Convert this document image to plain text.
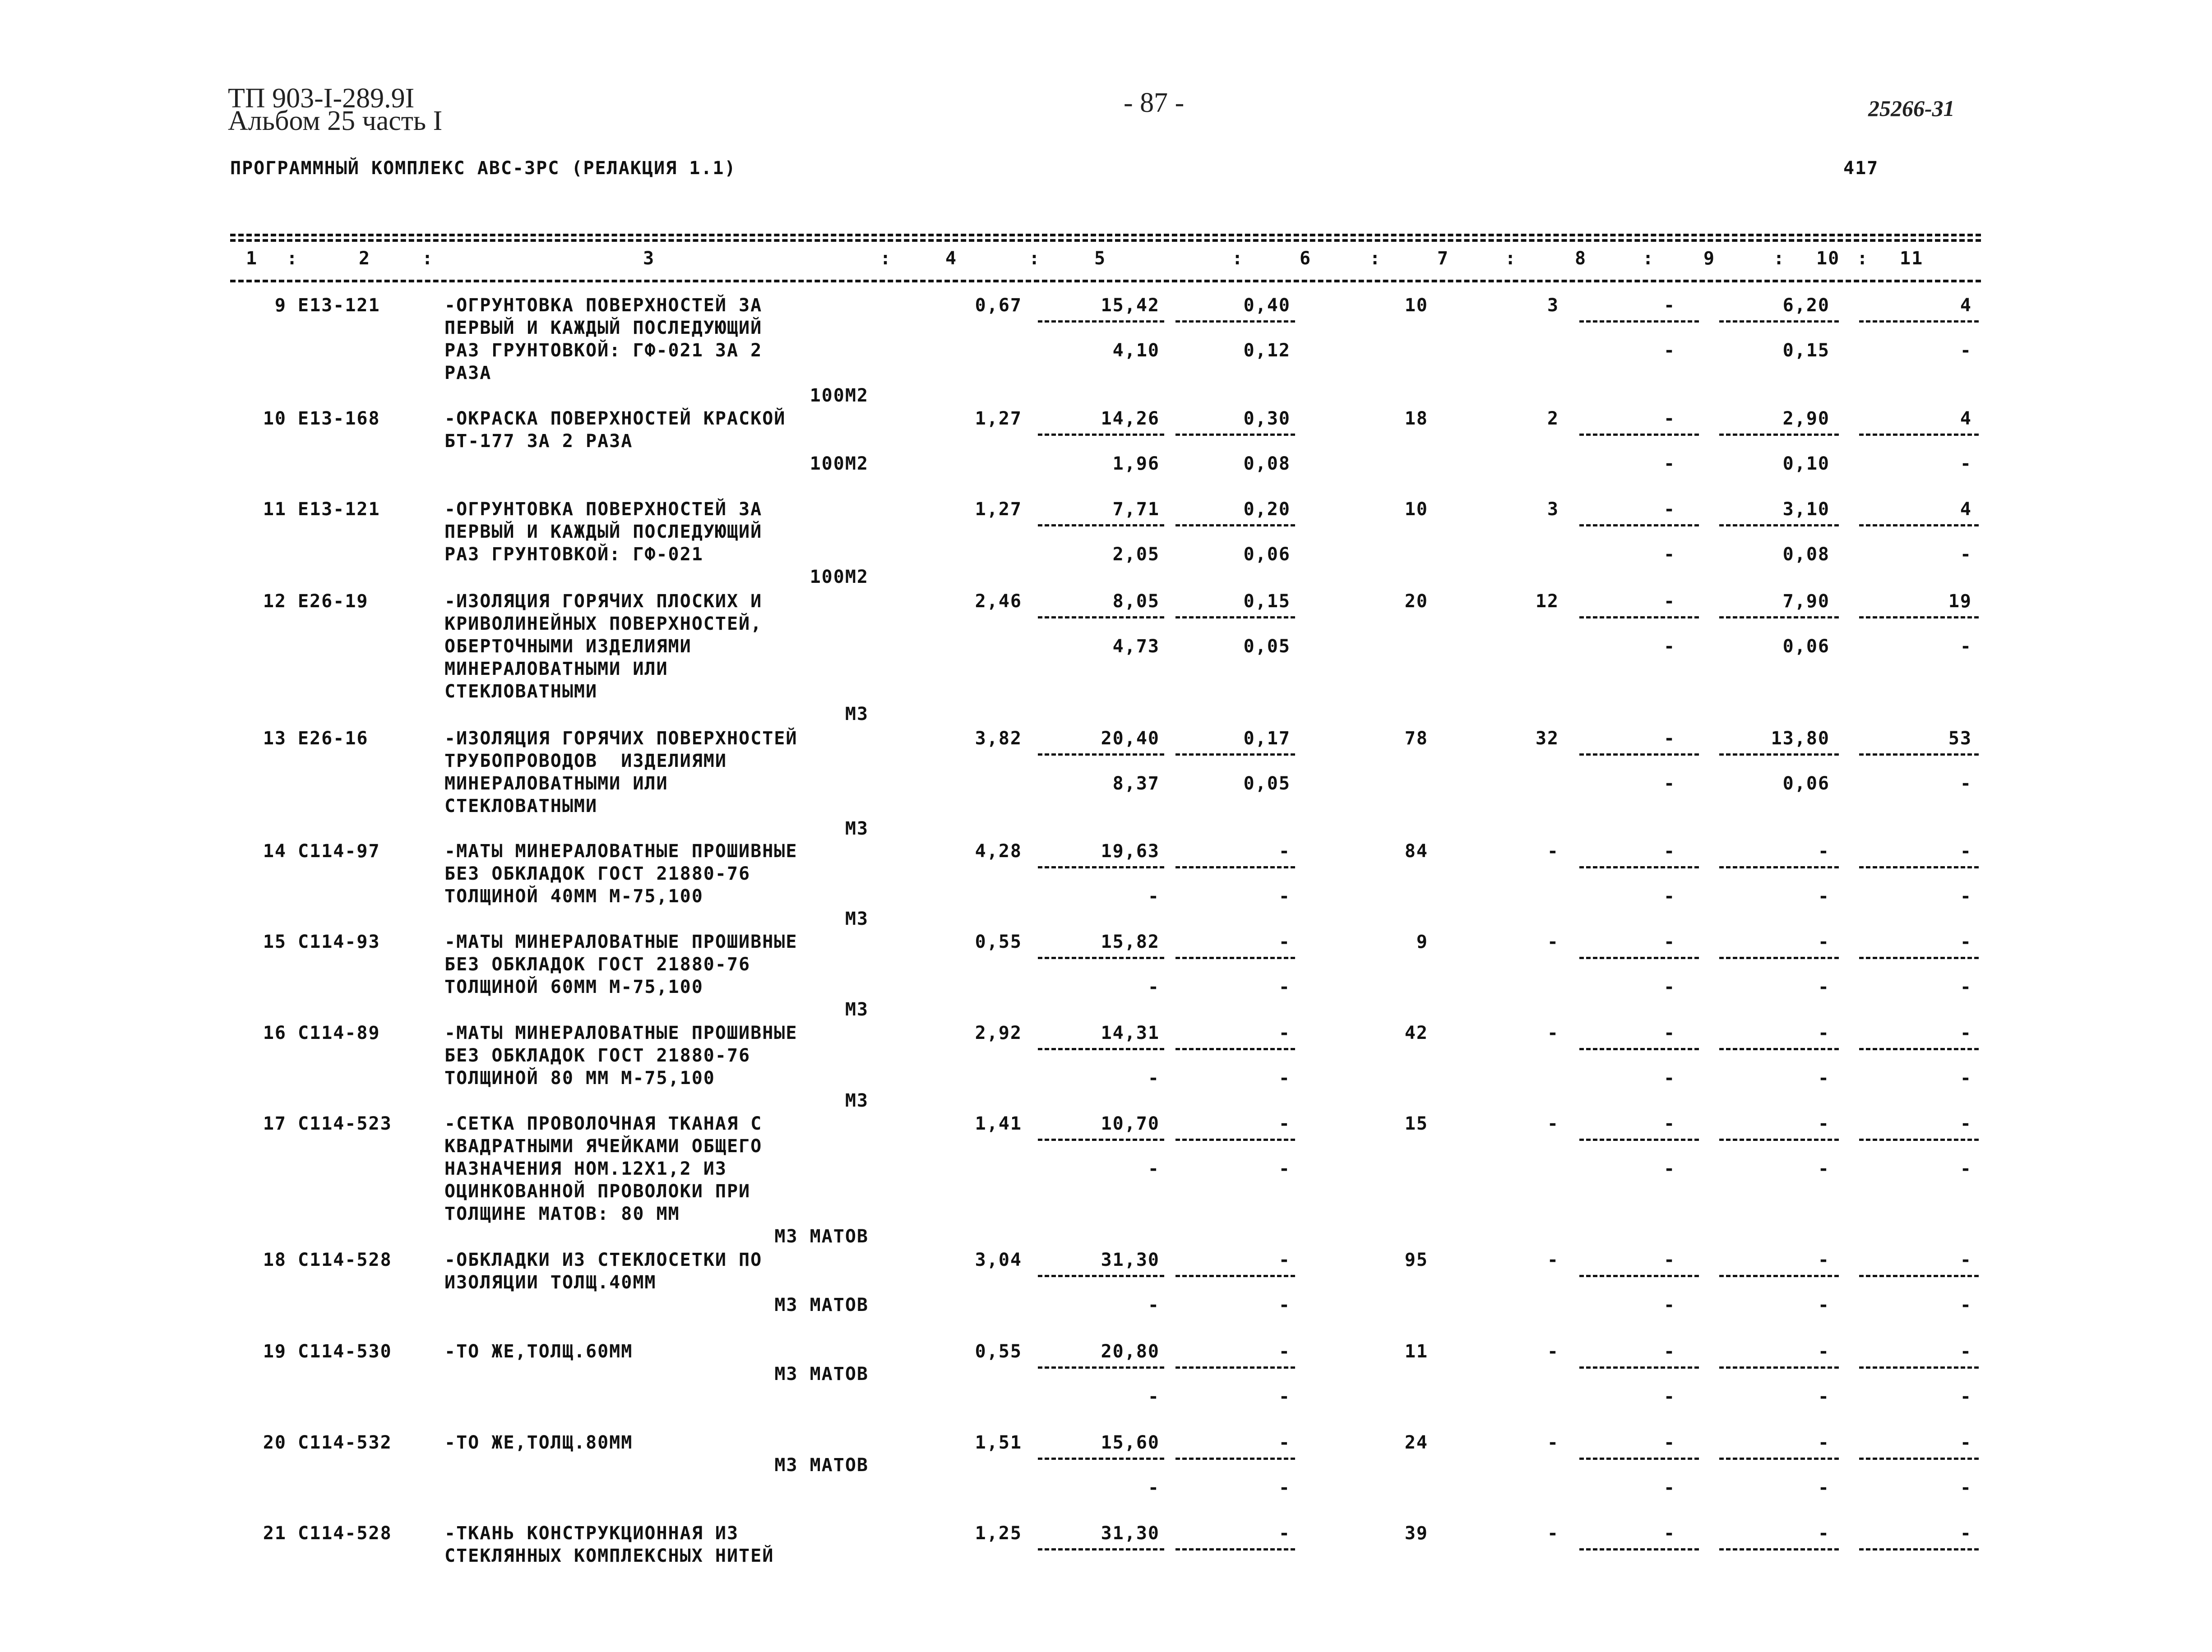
ТП 903-I-289.9I
Альбом 25 часть I
- 87 -	25266-31
ПРОГРАММНЫЙ КОМПЛЕКС АВС-3РС (РЕЛАКЦИЯ 1.1)	417
1 :	2	:	3	:	4	:	5	:	6	:	7	:	8	:	9	: 10 : 11
9 E13-121	-ОГРУНТОВКА ПОВЕРХНОСТЕЙ ЗА
ПЕРВЫЙ И КАЖДЫЙ ПОСЛЕДУЮЩИЙ
РАЗ ГРУНТОВКОЙ: ГФ-021 ЗА 2
РАЗА
100М2
0,67	15,42	0,40	10	3	-	6,20	4
4,10	0,12	-	0,15	-
10 E13-168	-ОКРАСКА ПОВЕРХНОСТЕЙ КРАСКОЙ
БТ-177 ЗА 2 РАЗА
100М2
1,27	14,26	0,30	18	2	-	2,90	4
1,96	0,08	-	0,10	-
11 E13-121	-ОГРУНТОВКА ПОВЕРХНОСТЕЙ ЗА
ПЕРВЫЙ И КАЖДЫЙ ПОСЛЕДУЮЩИЙ
РАЗ ГРУНТОВКОЙ: ГФ-021
100М2
1,27	7,71	0,20	10	3	-	3,10	4
2,05	0,06	-	0,08	-
12 E26-19	-ИЗОЛЯЦИЯ ГОРЯЧИХ ПЛОСКИХ И
КРИВОЛИНЕЙНЫХ ПОВЕРХНОСТЕЙ,
ОБЕРТОЧНЫМИ ИЗДЕЛИЯМИ
МИНЕРАЛОВАТНЫМИ ИЛИ
СТЕКЛОВАТНЫМИ
М3
2,46	8,05	0,15	20	12	-	7,90	19
4,73	0,05	-	0,06	-
13 E26-16	-ИЗОЛЯЦИЯ ГОРЯЧИХ ПОВЕРХНОСТЕЙ
ТРУБОПРОВОДОВ  ИЗДЕЛИЯМИ
МИНЕРАЛОВАТНЫМИ ИЛИ
СТЕКЛОВАТНЫМИ
М3
3,82	20,40	0,17	78	32	-	13,80	53
8,37	0,05	-	0,06	-
14 C114-97	-МАТЫ МИНЕРАЛОВАТНЫЕ ПРОШИВНЫЕ
БЕЗ ОБКЛАДОК ГОСТ 21880-76
ТОЛЩИНОЙ 40ММ М-75,100
М3
4,28	19,63	-	84	-	-	-	-
-	-	-	-	-
15 C114-93	-МАТЫ МИНЕРАЛОВАТНЫЕ ПРОШИВНЫЕ
БЕЗ ОБКЛАДОК ГОСТ 21880-76
ТОЛЩИНОЙ 60ММ М-75,100
М3
0,55	15,82	-	9	-	-	-	-
-	-	-	-	-
16 C114-89	-МАТЫ МИНЕРАЛОВАТНЫЕ ПРОШИВНЫЕ
БЕЗ ОБКЛАДОК ГОСТ 21880-76
ТОЛЩИНОЙ 80 ММ М-75,100
М3
2,92	14,31	-	42	-	-	-	-
-	-	-	-	-
17 C114-523	-СЕТКА ПРОВОЛОЧНАЯ ТКАНАЯ С
КВАДРАТНЫМИ ЯЧЕЙКАМИ ОБЩЕГО
НАЗНАЧЕНИЯ НОМ.12Х1,2 ИЗ
ОЦИНКОВАННОЙ ПРОВОЛОКИ ПРИ
ТОЛЩИНЕ МАТОВ: 80 ММ
М3 МАТОВ
1,41	10,70	-	15	-	-	-	-
-	-	-	-	-
18 C114-528	-ОБКЛАДКИ ИЗ СТЕКЛОСЕТКИ ПО
ИЗОЛЯЦИИ ТОЛЩ.40ММ
М3 МАТОВ
3,04	31,30	-	95	-	-	-	-
-	-	-	-	-
19 C114-530	-ТО ЖЕ,ТОЛЩ.60ММ
М3 МАТОВ
0,55	20,80	-	11	-	-	-	-
-	-	-	-	-
20 C114-532	-ТО ЖЕ,ТОЛЩ.80ММ
М3 МАТОВ
1,51	15,60	-	24	-	-	-	-
-	-	-	-	-
21 C114-528	-ТКАНЬ КОНСТРУКЦИОННАЯ ИЗ
СТЕКЛЯННЫХ КОМПЛЕКСНЫХ НИТЕЙ
1,25	31,30	-	39	-	-	-	-
